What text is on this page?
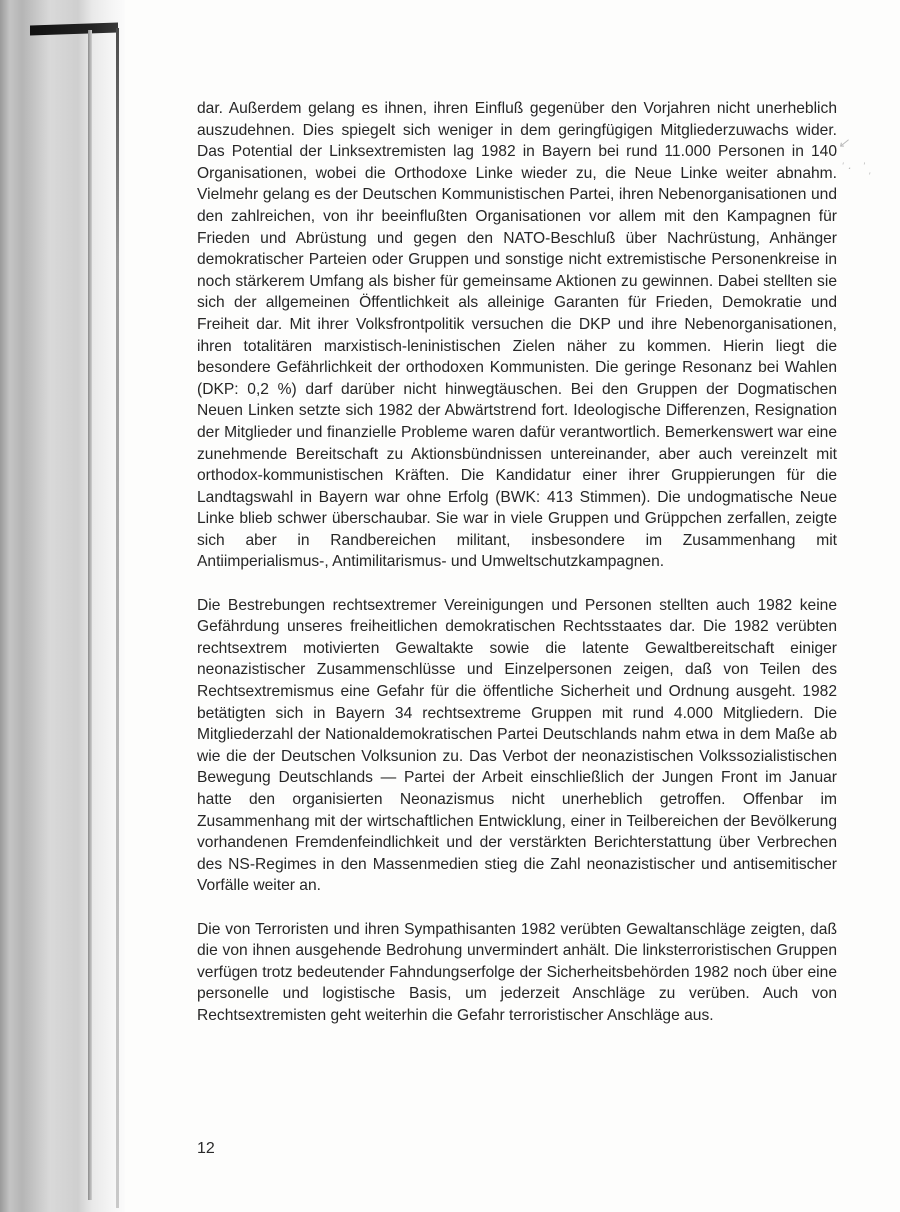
dar. Außerdem gelang es ihnen, ihren Einfluß gegenüber den Vorjahren nicht unerheblich auszudehnen. Dies spiegelt sich weniger in dem geringfügigen Mitgliederzuwachs wider. Das Potential der Linksextremisten lag 1982 in Bayern bei rund 11.000 Personen in 140 Organisationen, wobei die Orthodoxe Linke wieder zu, die Neue Linke weiter abnahm. Vielmehr gelang es der Deutschen Kommunistischen Partei, ihren Nebenorganisationen und den zahlreichen, von ihr beeinflußten Organisationen vor allem mit den Kampagnen für Frieden und Abrüstung und gegen den NATO-Beschluß über Nachrüstung, Anhänger demokratischer Parteien oder Gruppen und sonstige nicht extremistische Personenkreise in noch stärkerem Umfang als bisher für gemeinsame Aktionen zu gewinnen. Dabei stellten sie sich der allgemeinen Öffentlichkeit als alleinige Garanten für Frieden, Demokratie und Freiheit dar. Mit ihrer Volksfrontpolitik versuchen die DKP und ihre Nebenorganisationen, ihren totalitären marxistisch-leninistischen Zielen näher zu kommen. Hierin liegt die besondere Gefährlichkeit der orthodoxen Kommunisten. Die geringe Resonanz bei Wahlen (DKP: 0,2 %) darf darüber nicht hinwegtäuschen. Bei den Gruppen der Dogmatischen Neuen Linken setzte sich 1982 der Abwärtstrend fort. Ideologische Differenzen, Resignation der Mitglieder und finanzielle Probleme waren dafür verantwortlich. Bemerkenswert war eine zunehmende Bereitschaft zu Aktionsbündnissen untereinander, aber auch vereinzelt mit orthodox-kommunistischen Kräften. Die Kandidatur einer ihrer Gruppierungen für die Landtagswahl in Bayern war ohne Erfolg (BWK: 413 Stimmen). Die undogmatische Neue Linke blieb schwer überschaubar. Sie war in viele Gruppen und Grüppchen zerfallen, zeigte sich aber in Randbereichen militant, insbesondere im Zusammenhang mit Antiimperialismus-, Antimilitarismus- und Umweltschutzkampagnen.

Die Bestrebungen rechtsextremer Vereinigungen und Personen stellten auch 1982 keine Gefährdung unseres freiheitlichen demokratischen Rechtsstaates dar. Die 1982 verübten rechtsextrem motivierten Gewaltakte sowie die latente Gewaltbereitschaft einiger neonazistischer Zusammenschlüsse und Einzelpersonen zeigen, daß von Teilen des Rechtsextremismus eine Gefahr für die öffentliche Sicherheit und Ordnung ausgeht. 1982 betätigten sich in Bayern 34 rechtsextreme Gruppen mit rund 4.000 Mitgliedern. Die Mitgliederzahl der Nationaldemokratischen Partei Deutschlands nahm etwa in dem Maße ab wie die der Deutschen Volksunion zu. Das Verbot der neonazistischen Volkssozialistischen Bewegung Deutschlands — Partei der Arbeit einschließlich der Jungen Front im Januar hatte den organisierten Neonazismus nicht unerheblich getroffen. Offenbar im Zusammenhang mit der wirtschaftlichen Entwicklung, einer in Teilbereichen der Bevölkerung vorhandenen Fremdenfeindlichkeit und der verstärkten Berichterstattung über Verbrechen des NS-Regimes in den Massenmedien stieg die Zahl neonazistischer und antisemitischer Vorfälle weiter an.

Die von Terroristen und ihren Sympathisanten 1982 verübten Gewaltanschläge zeigten, daß die von ihnen ausgehende Bedrohung unvermindert anhält. Die linksterroristischen Gruppen verfügen trotz bedeutender Fahndungserfolge der Sicherheitsbehörden 1982 noch über eine personelle und logistische Basis, um jederzeit Anschläge zu verüben. Auch von Rechtsextremisten geht weiterhin die Gefahr terroristischer Anschläge aus.

12
↙
ˈ· ˈˌ
